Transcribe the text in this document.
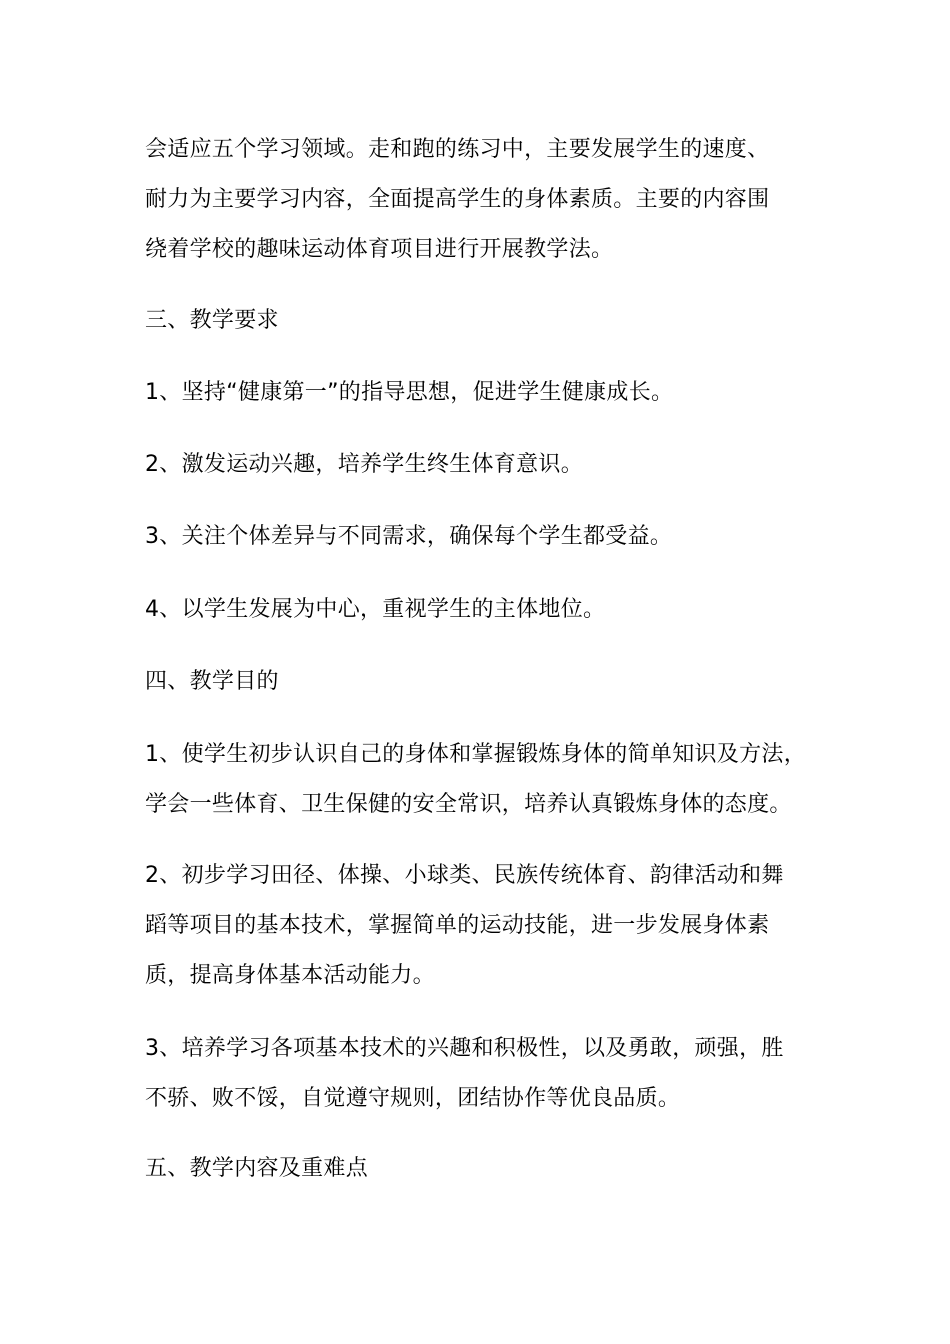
会适应五个学习领域。走和跑的练习中，主要发展学生的速度、

耐力为主要学习内容，全面提高学生的身体素质。主要的内容围

绕着学校的趣味运动体育项目进行开展教学法。

三、教学要求

1、坚持“健康第一”的指导思想，促进学生健康成长。

2、激发运动兴趣，培养学生终生体育意识。

3、关注个体差异与不同需求，确保每个学生都受益。

4、以学生发展为中心，重视学生的主体地位。

四、教学目的

1、使学生初步认识自己的身体和掌握锻炼身体的简单知识及方法，

学会一些体育、卫生保健的安全常识，培养认真锻炼身体的态度。

2、初步学习田径、体操、小球类、民族传统体育、韵律活动和舞

蹈等项目的基本技术，掌握简单的运动技能，进一步发展身体素

质，提高身体基本活动能力。

3、培养学习各项基本技术的兴趣和积极性，以及勇敢，顽强，胜

不骄、败不馁，自觉遵守规则，团结协作等优良品质。

五、教学内容及重难点
